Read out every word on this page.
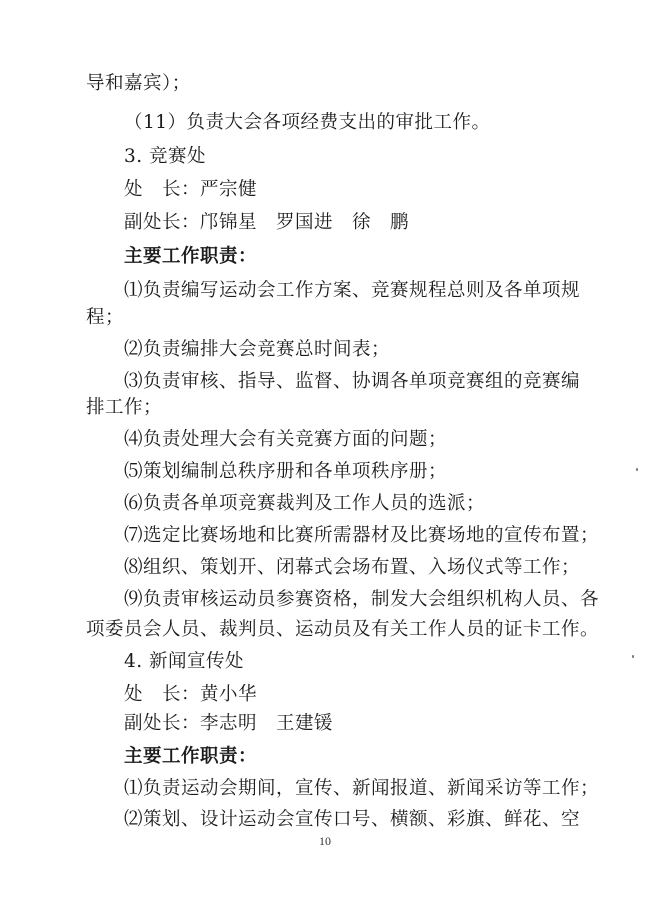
导和嘉宾）；
（11）负责大会各项经费支出的审批工作。
3. 竞赛处
处　长：严宗健
副处长：邝锦星　罗国进　徐　鹏
主要工作职责：
⑴负责编写运动会工作方案、竞赛规程总则及各单项规
程；
⑵负责编排大会竞赛总时间表；
⑶负责审核、指导、监督、协调各单项竞赛组的竞赛编
排工作；
⑷负责处理大会有关竞赛方面的问题；
⑸策划编制总秩序册和各单项秩序册；
⑹负责各单项竞赛裁判及工作人员的选派；
⑺选定比赛场地和比赛所需器材及比赛场地的宣传布置；
⑻组织、策划开、闭幕式会场布置、入场仪式等工作；
⑼负责审核运动员参赛资格，制发大会组织机构人员、各
项委员会人员、裁判员、运动员及有关工作人员的证卡工作。
4. 新闻宣传处
处　长：黄小华
副处长：李志明　王建锾
主要工作职责：
⑴负责运动会期间，宣传、新闻报道、新闻采访等工作；
⑵策划、设计运动会宣传口号、横额、彩旗、鲜花、空
10
